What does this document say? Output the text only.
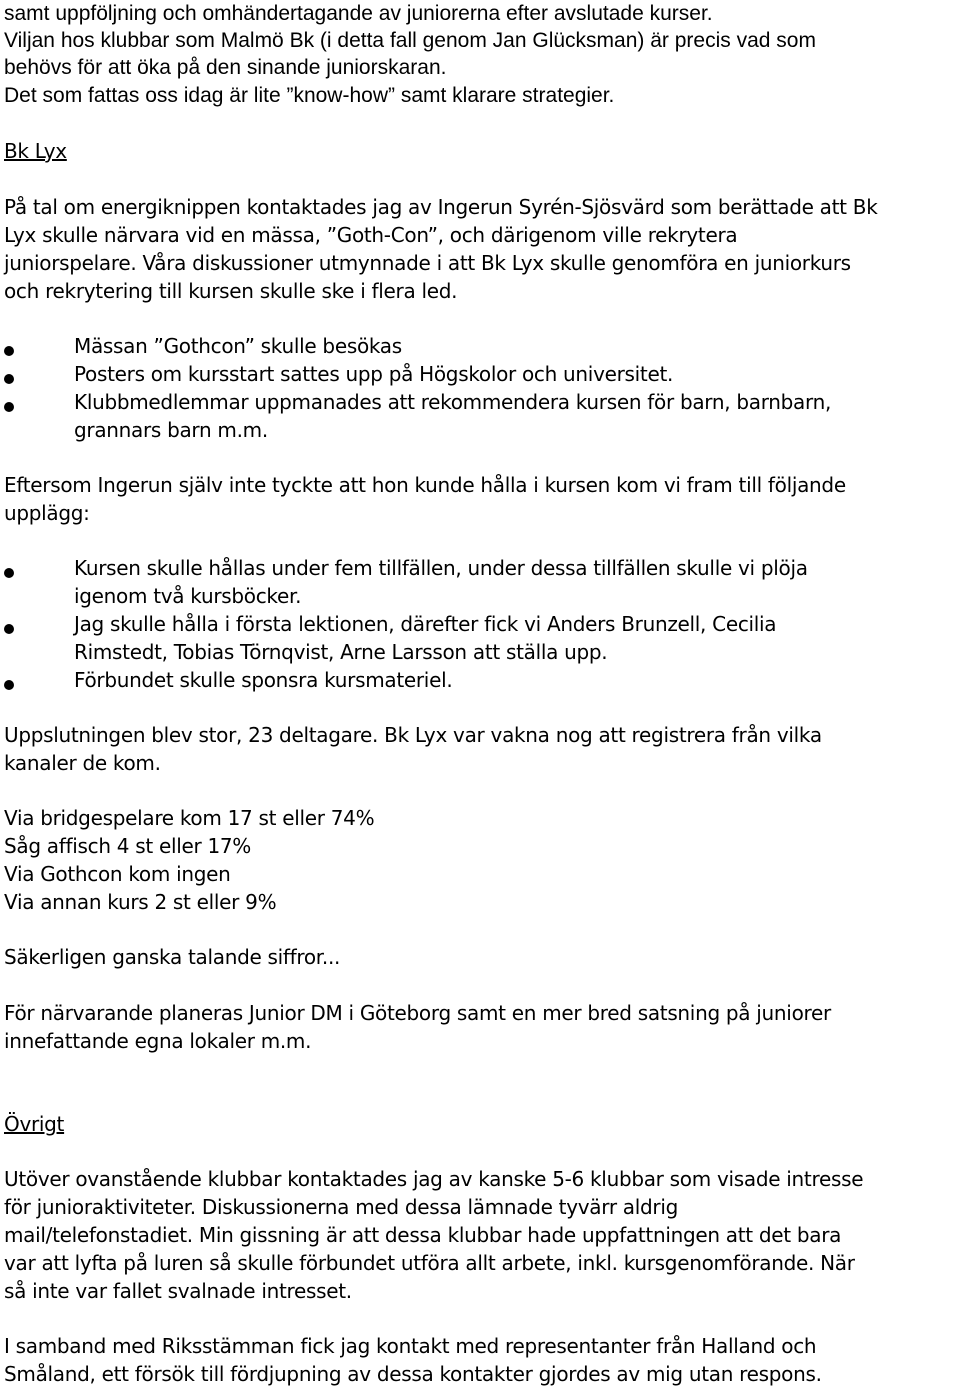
samt uppföljning och omhändertagande av juniorerna efter avslutade kurser.
Viljan hos klubbar som Malmö Bk (i detta fall genom Jan Glücksman) är precis vad som
behövs för att öka på den sinande juniorskaran.
Det som fattas oss idag är lite ”know-how” samt klarare strategier.
Bk Lyx
På tal om energiknippen kontaktades jag av Ingerun Syrén-Sjösvärd som berättade att Bk
Lyx skulle närvara vid en mässa, ”Goth-Con”, och därigenom ville rekrytera
juniorspelare. Våra diskussioner utmynnade i att Bk Lyx skulle genomföra en juniorkurs
och rekrytering till kursen skulle ske i flera led.
Mässan ”Gothcon” skulle besökas
Posters om kursstart sattes upp på Högskolor och universitet.
Klubbmedlemmar uppmanades att rekommendera kursen för barn, barnbarn,
grannars barn m.m.
Eftersom Ingerun själv inte tyckte att hon kunde hålla i kursen kom vi fram till följande
upplägg:
Kursen skulle hållas under fem tillfällen, under dessa tillfällen skulle vi plöja
igenom två kursböcker.
Jag skulle hålla i första lektionen, därefter fick vi Anders Brunzell, Cecilia
Rimstedt, Tobias Törnqvist, Arne Larsson att ställa upp.
Förbundet skulle sponsra kursmateriel.
Uppslutningen blev stor, 23 deltagare. Bk Lyx var vakna nog att registrera från vilka
kanaler de kom.
Via bridgespelare kom 17 st eller 74%
Såg affisch 4 st eller 17%
Via Gothcon kom ingen
Via annan kurs 2 st eller 9%
Säkerligen ganska talande siffror...
För närvarande planeras Junior DM i Göteborg samt en mer bred satsning på juniorer
innefattande egna lokaler m.m.
Övrigt
Utöver ovanstående klubbar kontaktades jag av kanske 5-6 klubbar som visade intresse
för junioraktiviteter. Diskussionerna med dessa lämnade tyvärr aldrig
mail/telefonstadiet. Min gissning är att dessa klubbar hade uppfattningen att det bara
var att lyfta på luren så skulle förbundet utföra allt arbete, inkl. kursgenomförande. När
så inte var fallet svalnade intresset.
I samband med Riksstämman fick jag kontakt med representanter från Halland och
Småland, ett försök till fördjupning av dessa kontakter gjordes av mig utan respons.
